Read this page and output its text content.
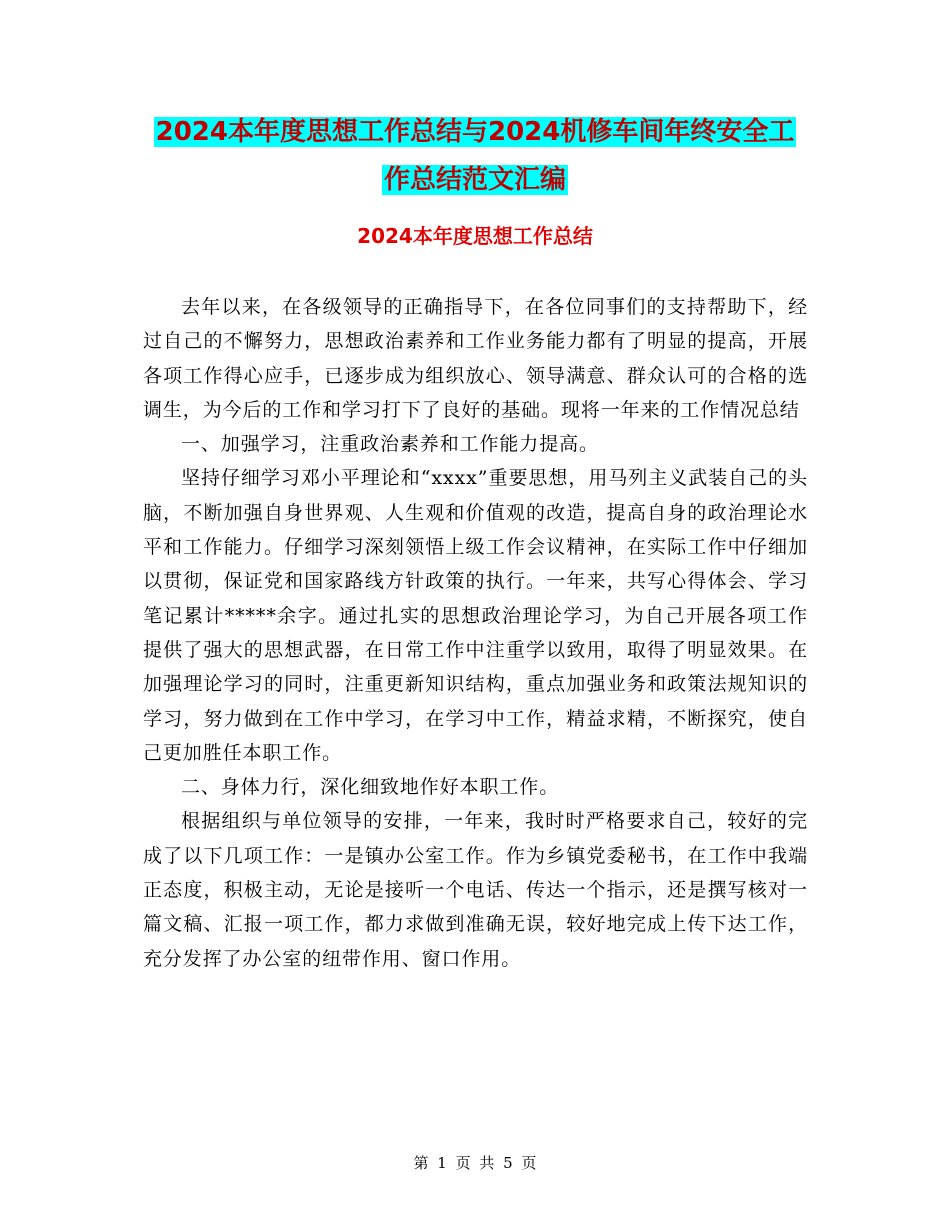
2024本年度思想工作总结与2024机修车间年终安全工
作总结范文汇编
2024本年度思想工作总结

去年以来，在各级领导的正确指导下，在各位同事们的支持帮助下，经过自己的不懈努力，思想政治素养和工作业务能力都有了明显的提高，开展各项工作得心应手，已逐步成为组织放心、领导满意、群众认可的合格的选调生，为今后的工作和学习打下了良好的基础。现将一年来的工作情况总结

一、加强学习，注重政治素养和工作能力提高。

坚持仔细学习邓小平理论和“xxxx”重要思想，用马列主义武装自己的头脑，不断加强自身世界观、人生观和价值观的改造，提高自身的政治理论水平和工作能力。仔细学习深刻领悟上级工作会议精神，在实际工作中仔细加以贯彻，保证党和国家路线方针政策的执行。一年来，共写心得体会、学习笔记累计*****余字。通过扎实的思想政治理论学习，为自己开展各项工作提供了强大的思想武器，在日常工作中注重学以致用，取得了明显效果。在加强理论学习的同时，注重更新知识结构，重点加强业务和政策法规知识的学习，努力做到在工作中学习，在学习中工作，精益求精，不断探究，使自己更加胜任本职工作。

二、身体力行，深化细致地作好本职工作。

根据组织与单位领导的安排，一年来，我时时严格要求自己，较好的完成了以下几项工作：一是镇办公室工作。作为乡镇党委秘书，在工作中我端正态度，积极主动，无论是接听一个电话、传达一个指示，还是撰写核对一篇文稿、汇报一项工作，都力求做到准确无误，较好地完成上传下达工作，充分发挥了办公室的纽带作用、窗口作用。

第 1 页 共 5 页
